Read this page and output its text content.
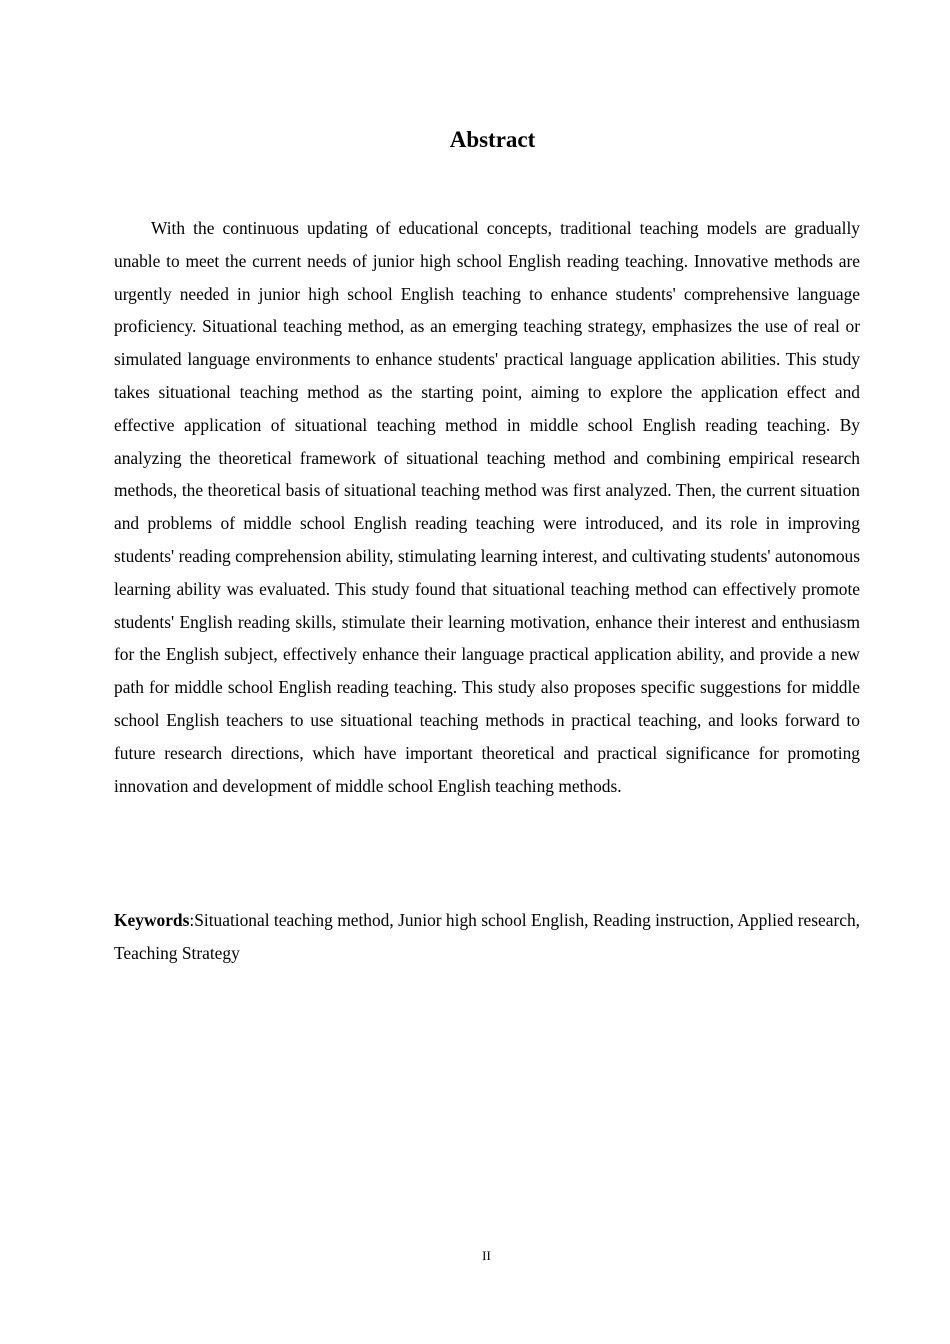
Abstract

With the continuous updating of educational concepts, traditional teaching models are gradually unable to meet the current needs of junior high school English reading teaching. Innovative methods are urgently needed in junior high school English teaching to enhance students' comprehensive language proficiency. Situational teaching method, as an emerging teaching strategy, emphasizes the use of real or simulated language environments to enhance students' practical language application abilities. This study takes situational teaching method as the starting point, aiming to explore the application effect and effective application of situational teaching method in middle school English reading teaching. By analyzing the theoretical framework of situational teaching method and combining empirical research methods, the theoretical basis of situational teaching method was first analyzed. Then, the current situation and problems of middle school English reading teaching were introduced, and its role in improving students' reading comprehension ability, stimulating learning interest, and cultivating students' autonomous learning ability was evaluated. This study found that situational teaching method can effectively promote students' English reading skills, stimulate their learning motivation, enhance their interest and enthusiasm for the English subject, effectively enhance their language practical application ability, and provide a new path for middle school English reading teaching. This study also proposes specific suggestions for middle school English teachers to use situational teaching methods in practical teaching, and looks forward to future research directions, which have important theoretical and practical significance for promoting innovation and development of middle school English teaching methods.

Keywords:Situational teaching method, Junior high school English, Reading instruction, Applied research, Teaching Strategy

II
